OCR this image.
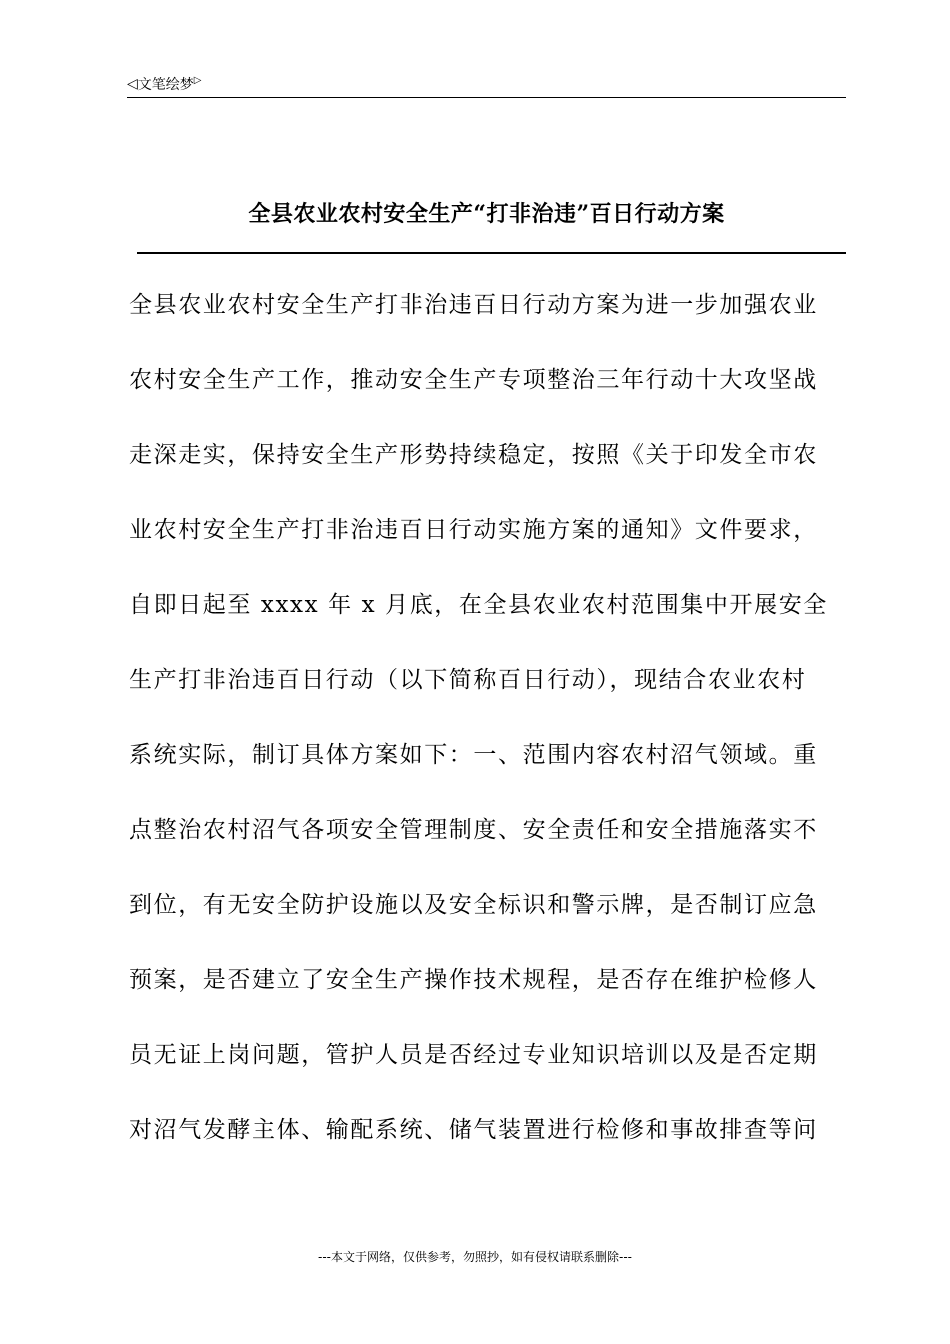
◁ 文笔绘梦 ▷
全县农业农村安全生产“打非治违”百日行动方案
全县农业农村安全生产打非治违百日行动方案为进一步加强农业
农村安全生产工作，推动安全生产专项整治三年行动十大攻坚战
走深走实，保持安全生产形势持续稳定，按照《关于印发全市农
业农村安全生产打非治违百日行动实施方案的通知》文件要求，
自即日起至 xxxx 年 x 月底，在全县农业农村范围集中开展安全
生产打非治违百日行动（以下简称百日行动），现结合农业农村
系统实际，制订具体方案如下：一、范围内容农村沼气领域。重
点整治农村沼气各项安全管理制度、安全责任和安全措施落实不
到位，有无安全防护设施以及安全标识和警示牌，是否制订应急
预案，是否建立了安全生产操作技术规程，是否存在维护检修人
员无证上岗问题，管护人员是否经过专业知识培训以及是否定期
对沼气发酵主体、输配系统、储气装置进行检修和事故排查等问
---本文于网络，仅供参考，勿照抄，如有侵权请联系删除---
